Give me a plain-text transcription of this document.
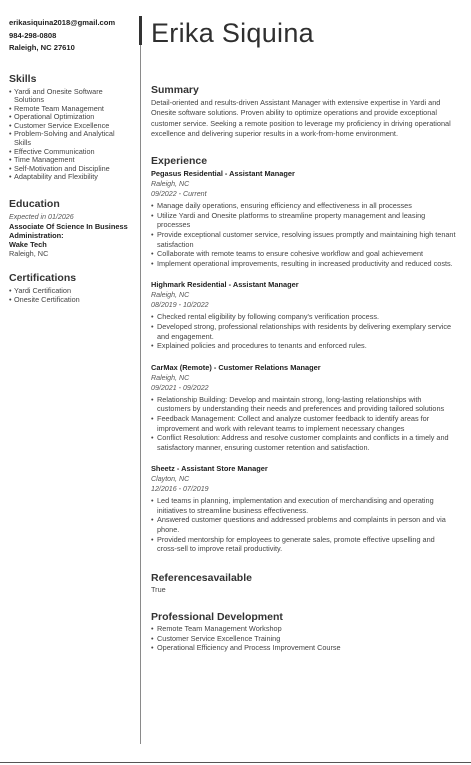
erikasiquina2018@gmail.com

984-298-0808

Raleigh, NC 27610

Skills
• Yardi and Onesite Software Solutions
• Remote Team Management
• Operational Optimization
• Customer Service Excellence
• Problem-Solving and Analytical Skills
• Effective Communication
• Time Management
• Self-Motivation and Discipline
• Adaptability and Flexibility
Education
Expected in 01/2026
Associate Of Science In Business Administration:
Wake Tech
Raleigh, NC
Certifications
• Yardi Certification
• Onesite Certification
Erika Siquina
Summary

Detail-oriented and results-driven Assistant Manager with extensive expertise in Yardi and Onesite software solutions. Proven ability to optimize operations and provide exceptional customer service. Seeking a remote position to leverage my proficiency in driving operational excellence and delivering superior results in a work-from-home environment.

Experience
Pegasus Residential - Assistant Manager
Raleigh, NC
09/2022 - Current
• Manage daily operations, ensuring efficiency and effectiveness in all processes
• Utilize Yardi and Onesite platforms to streamline property management and leasing processes
• Provide exceptional customer service, resolving issues promptly and maintaining high tenant satisfaction
• Collaborate with remote teams to ensure cohesive workflow and goal achievement
• Implement operational improvements, resulting in increased productivity and reduced costs.
Highmark Residential - Assistant Manager
Raleigh, NC
08/2019 - 10/2022
• Checked rental eligibility by following company's verification process.
• Developed strong, professional relationships with residents by delivering exemplary service and engagement.
• Explained policies and procedures to tenants and enforced rules.
CarMax (Remote) - Customer Relations Manager
Raleigh, NC
09/2021 - 09/2022
• Relationship Building: Develop and maintain strong, long-lasting relationships with customers by understanding their needs and preferences and providing tailored solutions
• Feedback Management: Collect and analyze customer feedback to identify areas for improvement and work with relevant teams to implement necessary changes
• Conflict Resolution: Address and resolve customer complaints and conflicts in a timely and satisfactory manner, ensuring customer retention and satisfaction.
Sheetz - Assistant Store Manager
Clayton, NC
12/2016 - 07/2019
• Led teams in planning, implementation and execution of merchandising and operating initiatives to streamline business effectiveness.
• Answered customer questions and addressed problems and complaints in person and via phone.
• Provided mentorship for employees to generate sales, promote effective upselling and cross-sell to improve retail productivity.
Referencesavailable

True

Professional Development
• Remote Team Management Workshop
• Customer Service Excellence Training
• Operational Efficiency and Process Improvement Course
